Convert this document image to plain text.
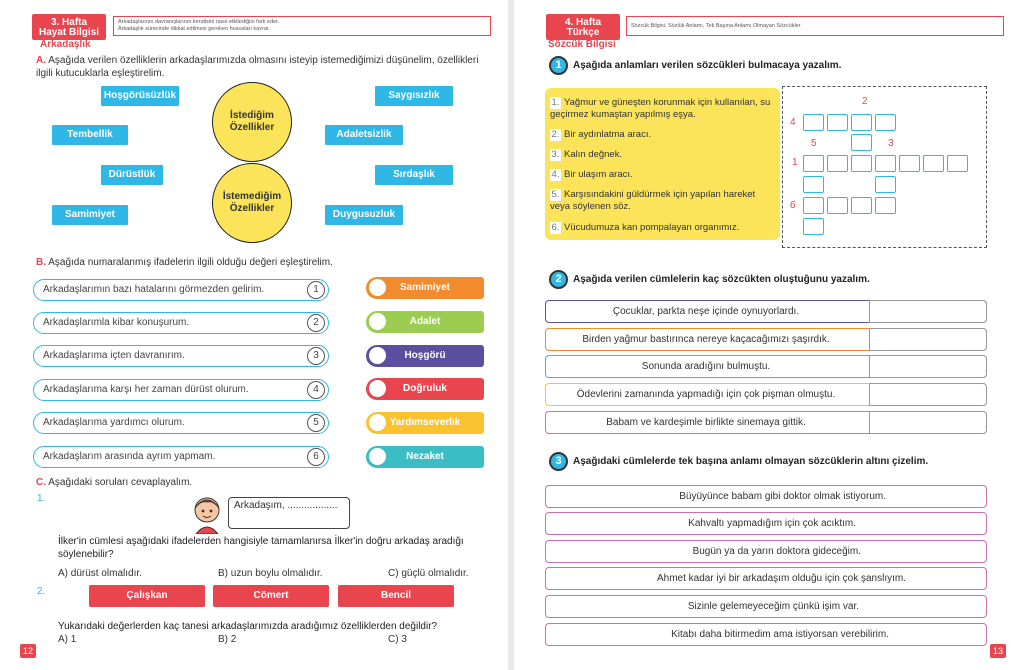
3. Hafta
Hayat Bilgisi
Arkadaşlarının davranışlarının kendisini nasıl etkilediğini fark eder.
Arkadaşlık sürecinde dikkat edilmesi gereken hususları kavrar.
Arkadaşlık
A. Aşağıda verilen özelliklerin arkadaşlarımızda olmasını isteyip istemediğimizi düşünelim, özellikleri ilgili kutucuklarla eşleştirelim.
Hoşgörüsüzlük	Saygısızlık
Tembellik	Adaletsizlik
Dürüstlük	Sırdaşlık
Samimiyet	Duygusuzluk
İstediğim Özellikler
İstemediğim Özellikler
B. Aşağıda numaralanmış ifadelerin ilgili olduğu değeri eşleştirelim.
Arkadaşlarımın bazı hatalarını görmezden gelirim.	1
Arkadaşlarımla kibar konuşurum.	2
Arkadaşlarıma içten davranırım.	3
Arkadaşlarıma karşı her zaman dürüst olurum.	4
Arkadaşlarıma yardımcı olurum.	5
Arkadaşlarım arasında ayrım yapmam.	6
Samimiyet
Adalet
Hoşgörü
Doğruluk
Yardımseverlik
Nezaket
C. Aşağıdaki soruları cevaplayalım.
1.
Arkadaşım, ..................
İlker'in cümlesi aşağıdaki ifadelerden hangisiyle tamamlanırsa İlker'in doğru arkadaş aradığı söylenebilir?
A) dürüst olmalıdır.	B) uzun boylu olmalıdır.	C) güçlü olmalıdır.
2.	Çalışkan	Cömert	Bencil
Yukarıdaki değerlerden kaç tanesi arkadaşlarımızda aradığımız özelliklerden değildir?
A) 1	B) 2	C) 3
12
4. Hafta
Türkçe
Sözcük Bilgisi, Sözlük Anlamı, Tek Başına Anlamı Olmayan Sözcükler
Sözcük Bilgisi
1	Aşağıda anlamları verilen sözcükleri bulmacaya yazalım.
1. Yağmur ve güneşten korunmak için kullanılan, su geçirmez kumaştan yapılmış eşya.
2. Bir aydınlatma aracı.
3. Kalın değnek.
4. Bir ulaşım aracı.
5. Karşısındakini güldürmek için yapılan hareket veya söylenen söz.
6. Vücudumuza kan pompalayan organımız.
2
4
5	3
1
6
2	Aşağıda verilen cümlelerin kaç sözcükten oluştuğunu yazalım.
Çocuklar, parkta neşe içinde oynuyorlardı.
Birden yağmur bastırınca nereye kaçacağımızı şaşırdık.
Sonunda aradığını bulmuştu.
Ödevlerini zamanında yapmadığı için çok pişman olmuştu.
Babam ve kardeşimle birlikte sinemaya gittik.
3	Aşağıdaki cümlelerde tek başına anlamı olmayan sözcüklerin altını çizelim.
Büyüyünce babam gibi doktor olmak istiyorum.
Kahvaltı yapmadığım için çok acıktım.
Bugün ya da yarın doktora gideceğim.
Ahmet kadar iyi bir arkadaşım olduğu için çok şanslıyım.
Sizinle gelemeyeceğim çünkü işim var.
Kitabı daha bitirmedim ama istiyorsan verebilirim.
13
